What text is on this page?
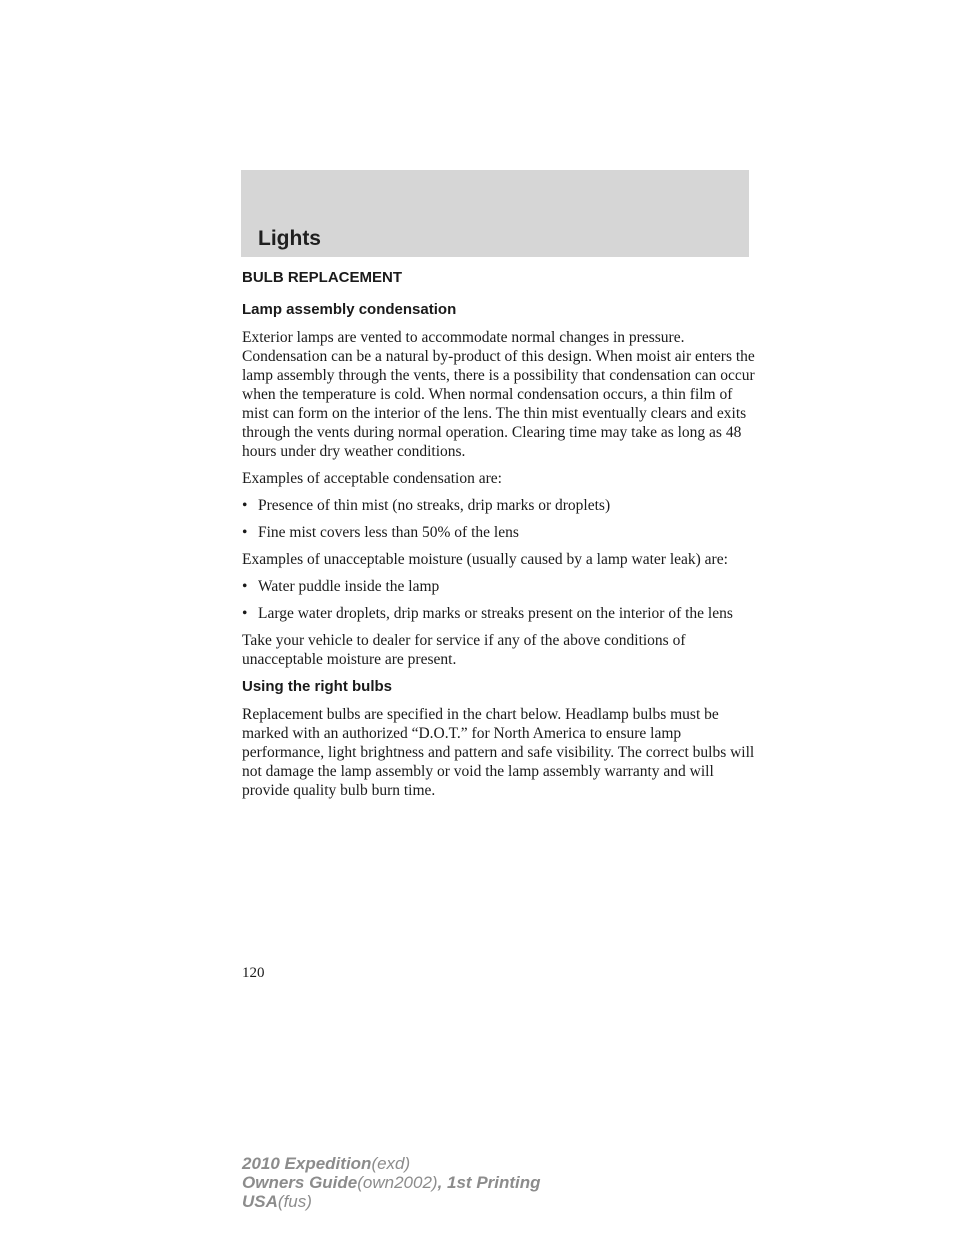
Lights
BULB REPLACEMENT
Lamp assembly condensation
Exterior lamps are vented to accommodate normal changes in pressure. Condensation can be a natural by-product of this design. When moist air enters the lamp assembly through the vents, there is a possibility that condensation can occur when the temperature is cold. When normal condensation occurs, a thin film of mist can form on the interior of the lens. The thin mist eventually clears and exits through the vents during normal operation. Clearing time may take as long as 48 hours under dry weather conditions.
Examples of acceptable condensation are:
• Presence of thin mist (no streaks, drip marks or droplets)
• Fine mist covers less than 50% of the lens
Examples of unacceptable moisture (usually caused by a lamp water leak) are:
• Water puddle inside the lamp
• Large water droplets, drip marks or streaks present on the interior of the lens
Take your vehicle to dealer for service if any of the above conditions of unacceptable moisture are present.
Using the right bulbs
Replacement bulbs are specified in the chart below. Headlamp bulbs must be marked with an authorized “D.O.T.” for North America to ensure lamp performance, light brightness and pattern and safe visibility. The correct bulbs will not damage the lamp assembly or void the lamp assembly warranty and will provide quality bulb burn time.
120
2010 Expedition(exd)
Owners Guide(own2002), 1st Printing
USA(fus)
